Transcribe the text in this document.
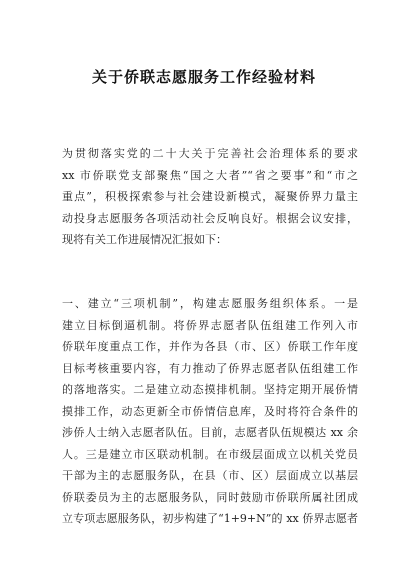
关于侨联志愿服务工作经验材料
为贯彻落实党的二十大关于完善社会治理体系的要求
xx 市侨联党支部聚焦“国之大者”“省之要事”和“市之
重点”，积极探索参与社会建设新模式，凝聚侨界力量主
动投身志愿服务各项活动社会反响良好。根据会议安排，
现将有关工作进展情况汇报如下：
一、建立“三项机制”，构建志愿服务组织体系。一是
建立目标倒逼机制。将侨界志愿者队伍组建工作列入市
侨联年度重点工作，并作为各县（市、区）侨联工作年度
目标考核重要内容，有力推动了侨界志愿者队伍组建工作
的落地落实。二是建立动态摸排机制。坚持定期开展侨情
摸排工作，动态更新全市侨情信息库，及时将符合条件的
涉侨人士纳入志愿者队伍。目前，志愿者队伍规模达 xx 余
人。三是建立市区联动机制。在市级层面成立以机关党员
干部为主的志愿服务队，在县（市、区）层面成立以基层
侨联委员为主的志愿服务队，同时鼓励市侨联所属社团成
立专项志愿服务队，初步构建了“1+9+N”的 xx 侨界志愿者
